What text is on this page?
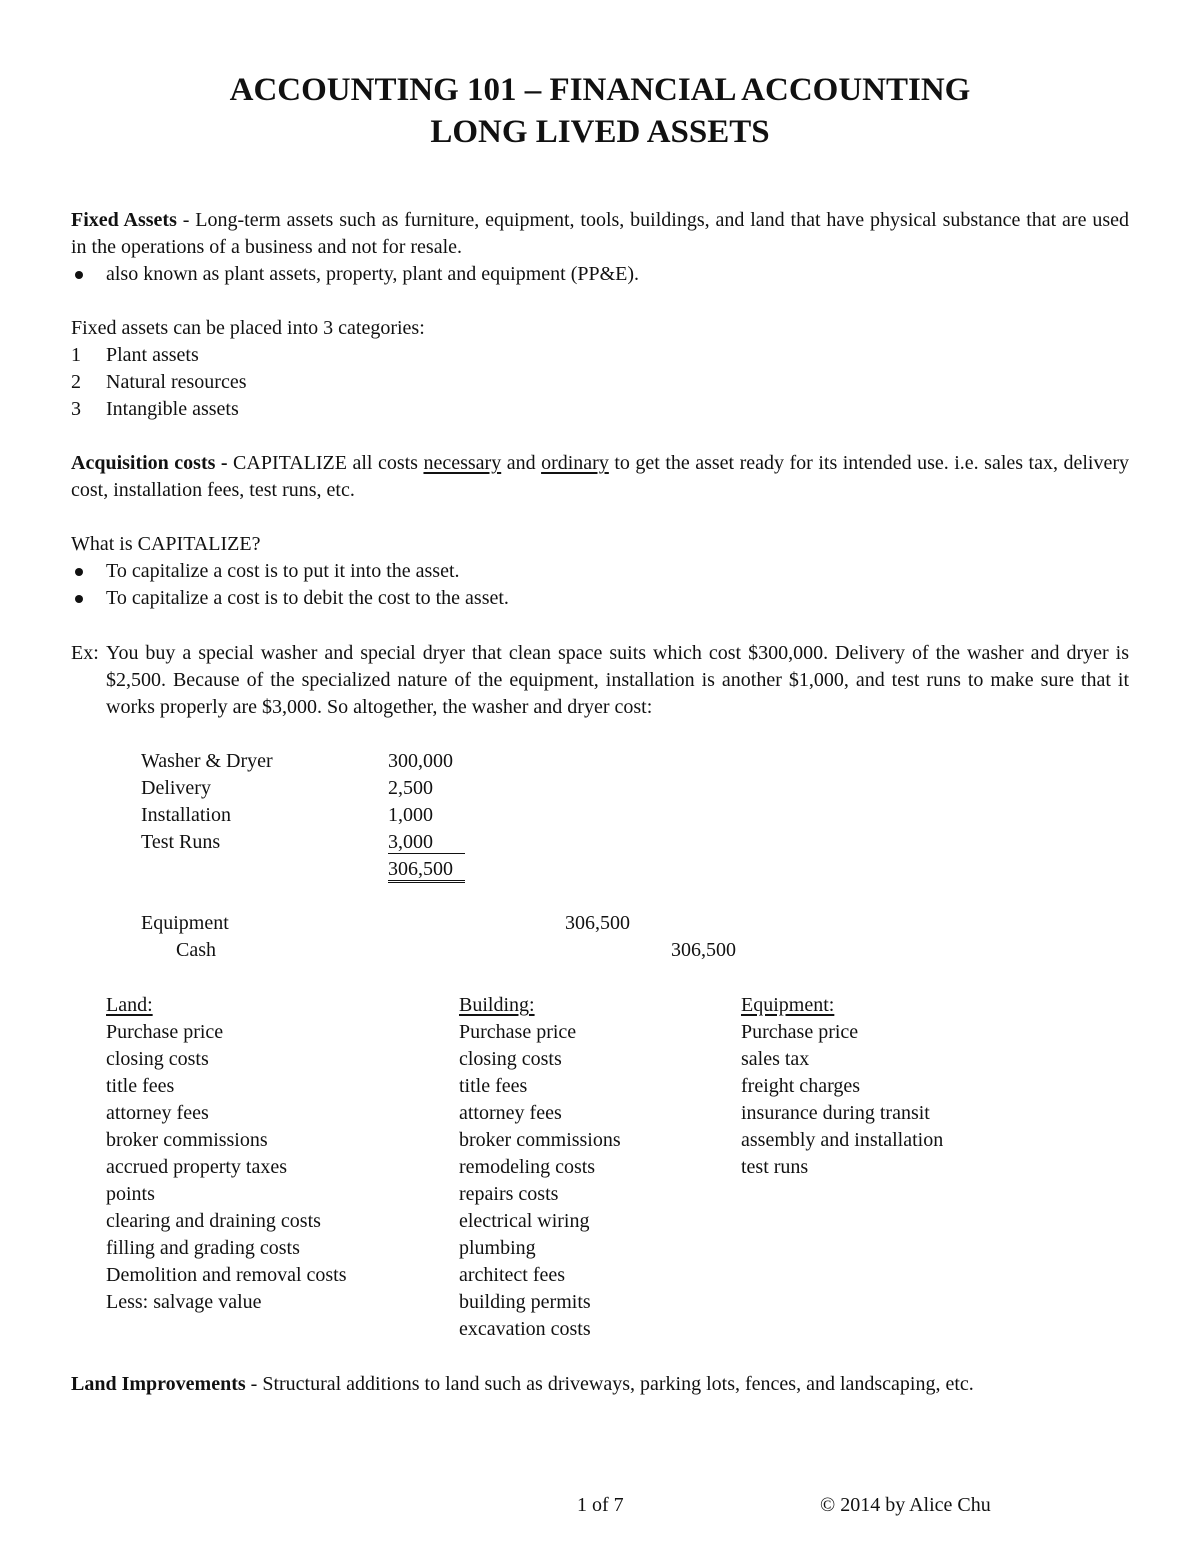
ACCOUNTING 101 – FINANCIAL ACCOUNTING
LONG LIVED ASSETS
Fixed Assets - Long-term assets such as furniture, equipment, tools, buildings, and land that have physical substance that are used in the operations of a business and not for resale.
also known as plant assets, property, plant and equipment (PP&E).
Fixed assets can be placed into 3 categories:
1 Plant assets
2 Natural resources
3 Intangible assets
Acquisition costs - CAPITALIZE all costs necessary and ordinary to get the asset ready for its intended use. i.e. sales tax, delivery cost, installation fees, test runs, etc.
What is CAPITALIZE?
To capitalize a cost is to put it into the asset.
To capitalize a cost is to debit the cost to the asset.
Ex: You buy a special washer and special dryer that clean space suits which cost $300,000. Delivery of the washer and dryer is $2,500. Because of the specialized nature of the equipment, installation is another $1,000, and test runs to make sure that it works properly are $3,000. So altogether, the washer and dryer cost:
Washer & Dryer	300,000
Delivery	2,500
Installation	1,000
Test Runs	3,000
306,500
Equipment	306,500
Cash	306,500
Land:
Purchase price
closing costs
title fees
attorney fees
broker commissions
accrued property taxes
points
clearing and draining costs
filling and grading costs
Demolition and removal costs
Less: salvage value
Building:
Purchase price
closing costs
title fees
attorney fees
broker commissions
remodeling costs
repairs costs
electrical wiring
plumbing
architect fees
building permits
excavation costs
Equipment:
Purchase price
sales tax
freight charges
insurance during transit
assembly and installation
test runs
Land Improvements - Structural additions to land such as driveways, parking lots, fences, and landscaping, etc.
1 of 7	© 2014 by Alice Chu
